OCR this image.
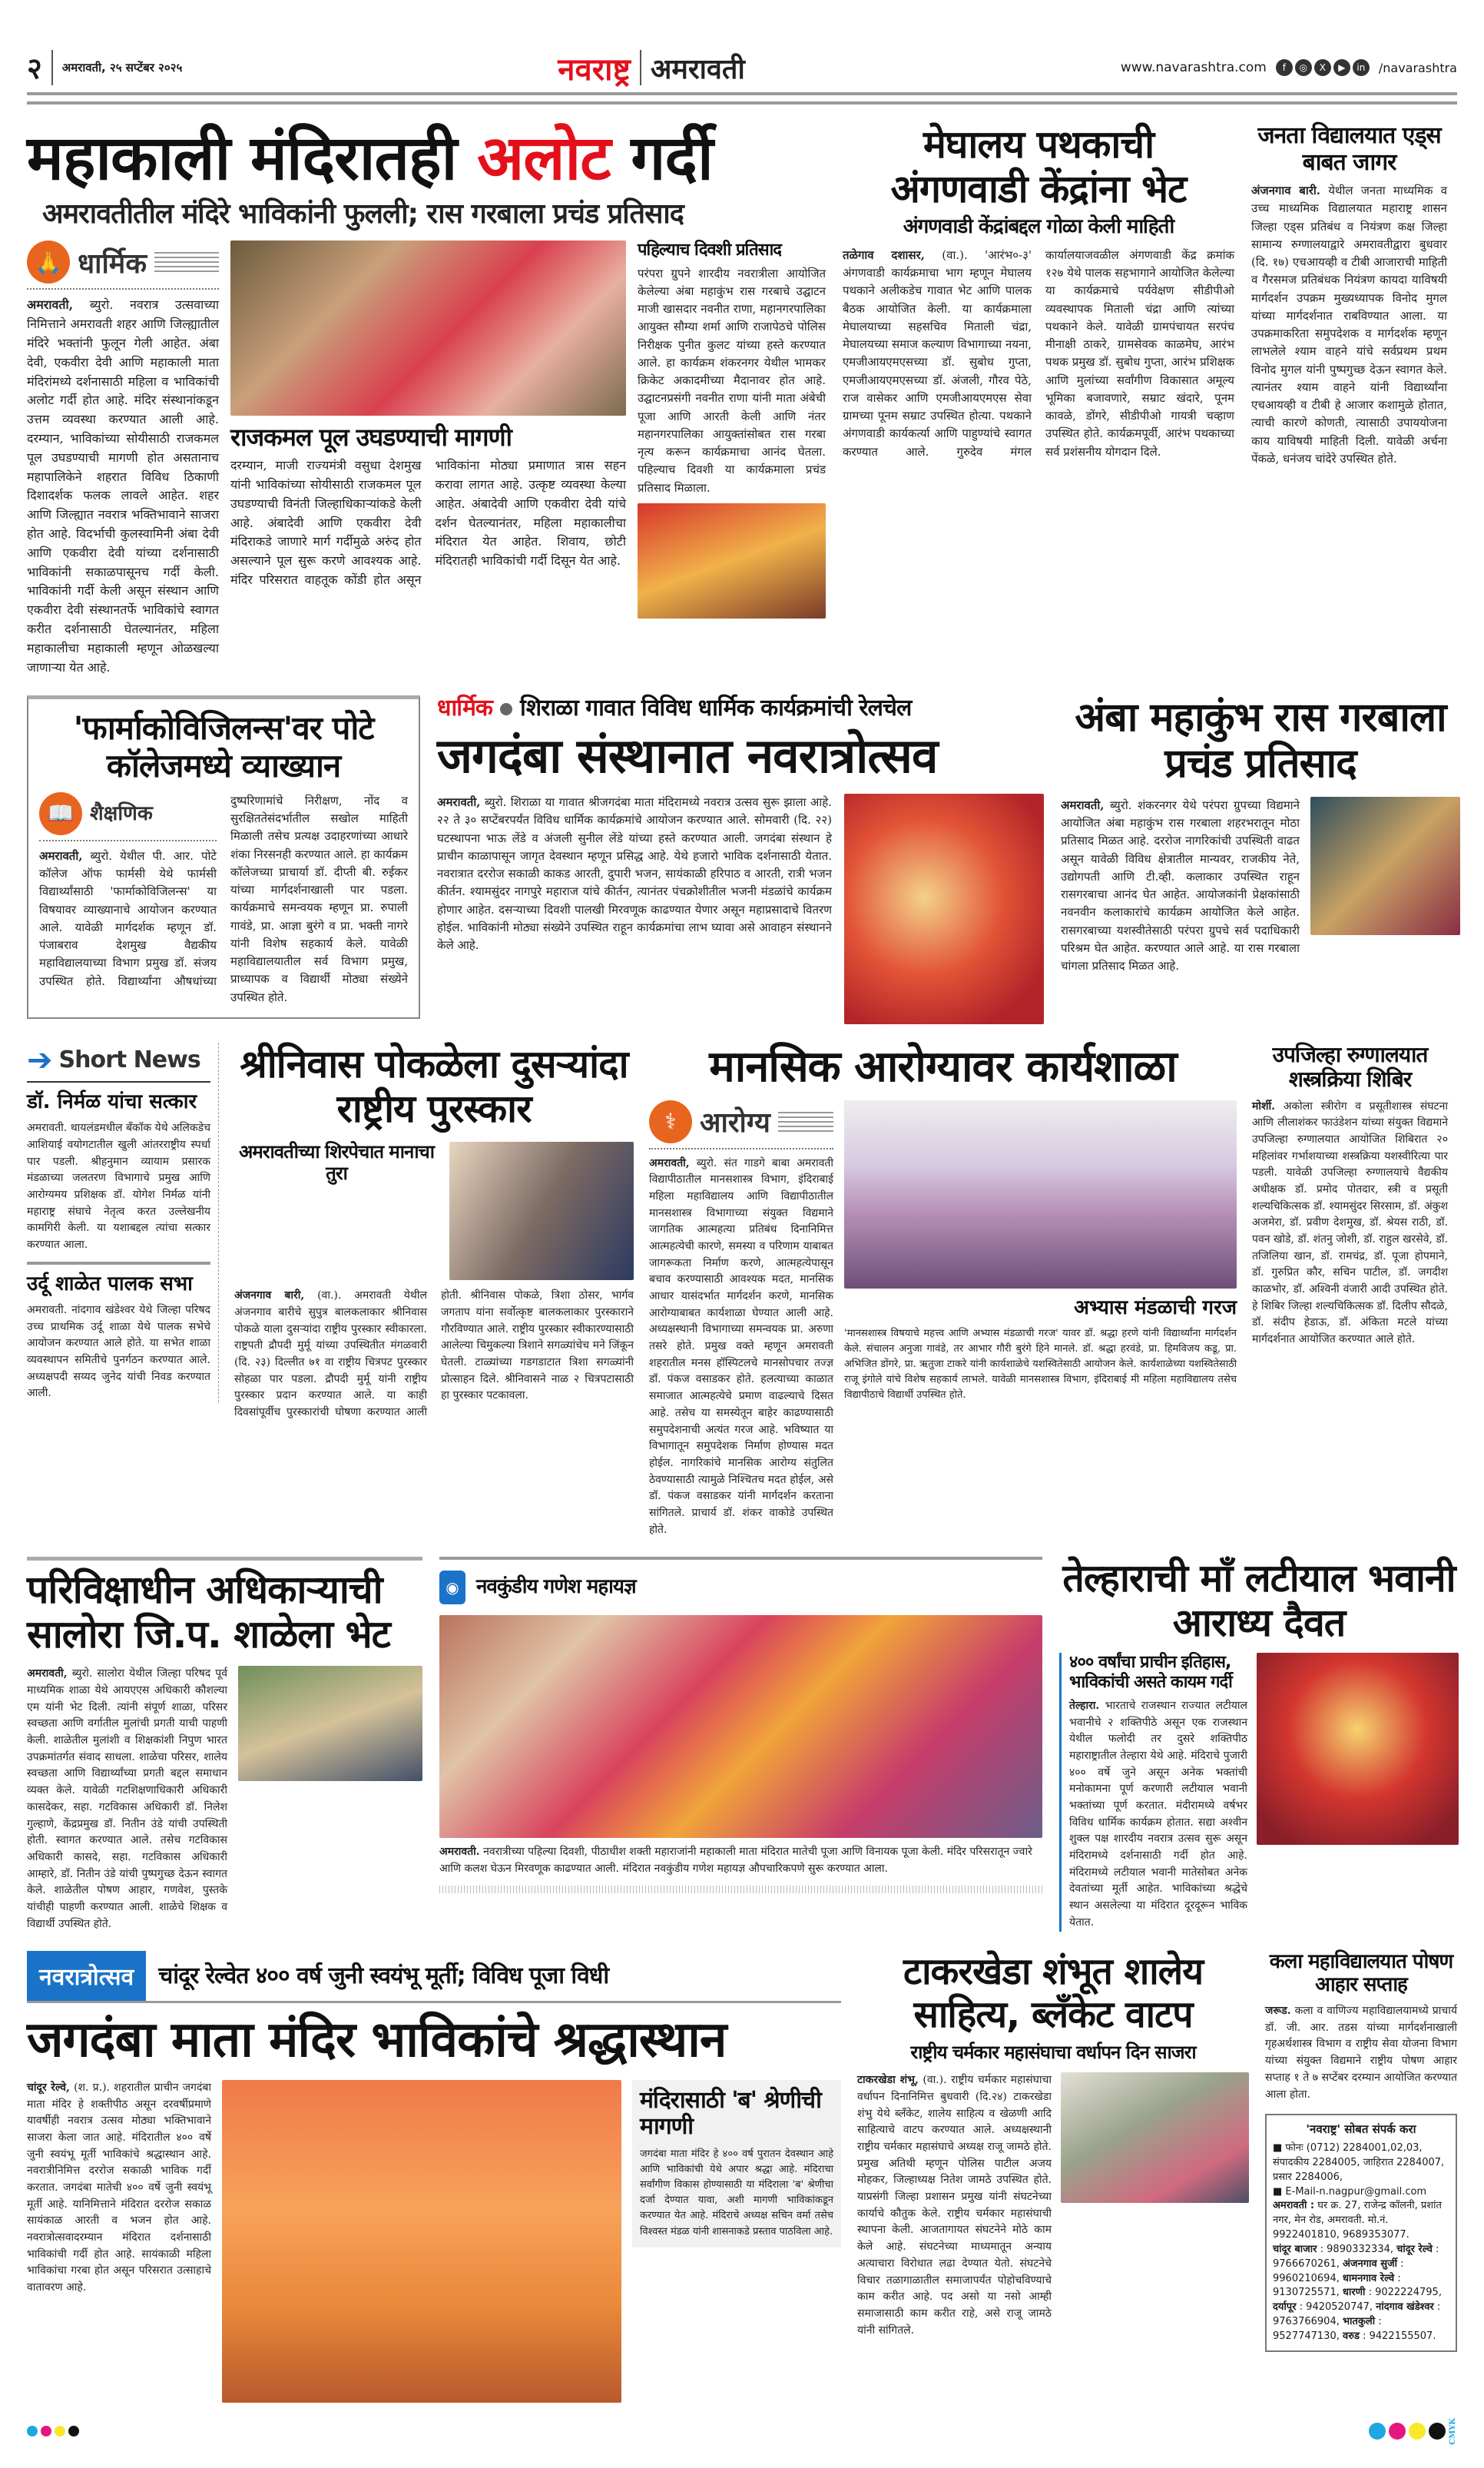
२ अमरावती, २५ सप्टेंबर २०२५	नवराष्ट्र अमरावती	www.navarashtra.com	f	◎	X	▶	in	/navarashtra
महाकाली मंदिरातही अलोट गर्दी
अमरावतीतील मंदिरे भाविकांनी फुलली; रास गरबाला प्रचंड प्रतिसाद
🙏 धार्मिक

अमरावती, ब्युरो. नवरात्र उत्सवाच्या निमित्ताने अमरावती शहर आणि जिल्ह्यातील मंदिरे भक्तांनी फुलून गेली आहेत. अंबा देवी, एकवीरा देवी आणि महाकाली माता मंदिरांमध्ये दर्शनासाठी महिला व भाविकांची अलोट गर्दी होत आहे. मंदिर संस्थानांकडून उत्तम व्यवस्था करण्यात आली आहे. दरम्यान, भाविकांच्या सोयीसाठी राजकमल पूल उघडण्याची मागणी होत असतानाच महापालिकेने शहरात विविध ठिकाणी दिशादर्शक फलक लावले आहेत. शहर आणि जिल्ह्यात नवरात्र भक्तिभावाने साजरा होत आहे. विदर्भाची कुलस्वामिनी अंबा देवी आणि एकवीरा देवी यांच्या दर्शनासाठी भाविकांनी सकाळपासूनच गर्दी केली. भाविकांनी गर्दी केली असून संस्थान आणि एकवीरा देवी संस्थानतर्फे भाविकांचे स्वागत करीत दर्शनासाठी घेतल्यानंतर, महिला महाकालीचा महाकाली म्हणून ओळखल्या जाणाऱ्या येत आहे.

राजकमल पूल उघडण्याची मागणी

दरम्यान, माजी राज्यमंत्री वसुधा देशमुख यांनी भाविकांच्या सोयीसाठी राजकमल पूल उघडण्याची विनंती जिल्हाधिकाऱ्यांकडे केली आहे. अंबादेवी आणि एकवीरा देवी मंदिराकडे जाणारे मार्ग गर्दीमुळे अरुंद होत असल्याने पूल सुरू करणे आवश्यक आहे. मंदिर परिसरात वाहतूक कोंडी होत असून भाविकांना मोठ्या प्रमाणात त्रास सहन करावा लागत आहे. उत्कृष्ट व्यवस्था केल्या आहेत. अंबादेवी आणि एकवीरा देवी यांचे दर्शन घेतल्यानंतर, महिला महाकालीचा मंदिरात येत आहेत. शिवाय, छोटी मंदिरातही भाविकांची गर्दी दिसून येत आहे.

पहिल्याच दिवशी प्रतिसाद

परंपरा ग्रुपने शारदीय नवरात्रीला आयोजित केलेल्या अंबा महाकुंभ रास गरबाचे उद्घाटन माजी खासदार नवनीत राणा, महानगरपालिका आयुक्त सौम्या शर्मा आणि राजापेठचे पोलिस निरीक्षक पुनीत कुलट यांच्या हस्ते करण्यात आले. हा कार्यक्रम शंकरनगर येथील भामकर क्रिकेट अकादमीच्या मैदानावर होत आहे. उद्घाटनप्रसंगी नवनीत राणा यांनी माता अंबेची पूजा आणि आरती केली आणि नंतर महानगरपालिका आयुक्तांसोबत रास गरबा नृत्य करून कार्यक्रमाचा आनंद घेतला. पहिल्याच दिवशी या कार्यक्रमाला प्रचंड प्रतिसाद मिळाला.

मेघालय पथकाची
अंगणवाडी केंद्रांना भेट
अंगणवाडी केंद्रांबद्दल गोळा केली माहिती

तळेगाव दशासर, (वा.). 'आरंभ०-३' अंगणवाडी कार्यक्रमाचा भाग म्हणून मेघालय पथकाने अलीकडेच गावात भेट आणि पालक बैठक आयोजित केली. या कार्यक्रमाला मेघालयाच्या सहसचिव मिताली चंद्रा, मेघालयच्या समाज कल्याण विभागाच्या नयना, एमजीआयएमएसच्या डॉ. सुबोध गुप्ता, एमजीआयएमएसच्या डॉ. अंजली, गौरव पेठे, राज वासेकर आणि एमजीआयएमएस सेवा ग्रामच्या पूनम सम्राट उपस्थित होत्या. पथकाने अंगणवाडी कार्यकर्त्या आणि पाहुण्यांचे स्वागत करण्यात आले. गुरुदेव मंगल कार्यालयाजवळील अंगणवाडी केंद्र क्रमांक १२७ येथे पालक सहभागाने आयोजित केलेल्या या कार्यक्रमाचे पर्यवेक्षण सीडीपीओ व्यवस्थापक मिताली चंद्रा आणि त्यांच्या पथकाने केले. यावेळी ग्रामपंचायत सरपंच मीनाक्षी ठाकरे, ग्रामसेवक काळमेघ, आरंभ पथक प्रमुख डॉ. सुबोध गुप्ता, आरंभ प्रशिक्षक आणि मुलांच्या सर्वांगीण विकासात अमूल्य भूमिका बजावणारे, सम्राट खंदारे, पूनम कावळे, डोंगरे, सीडीपीओ गायत्री चव्हाण उपस्थित होते. कार्यक्रमपूर्वी, आरंभ पथकाच्या सर्व प्रशंसनीय योगदान दिले.

जनता विद्यालयात एड्स बाबत जागर

अंजनगाव बारी. येथील जनता माध्यमिक व उच्च माध्यमिक विद्यालयात महाराष्ट्र शासन जिल्हा एड्स प्रतिबंध व नियंत्रण कक्ष जिल्हा सामान्य रुग्णालयाद्वारे अमरावतीद्वारा बुधवार (दि. १७) एचआयव्ही व टीबी आजाराची माहिती व गैरसमज प्रतिबंधक नियंत्रण कायदा याविषयी मार्गदर्शन उपक्रम मुख्यध्यापक विनोद मुगल यांच्या मार्गदर्शनात राबविण्यात आला. या उपक्रमाकरिता समुपदेशक व मार्गदर्शक म्हणून लाभलेले श्याम वाहने यांचे सर्वप्रथम प्रथम विनोद मुगल यांनी पुष्पगुच्छ देऊन स्वागत केले. त्यानंतर श्याम वाहने यांनी विद्यार्थ्यांना एचआयव्ही व टीबी हे आजार कशामुळे होतात, त्याची कारणे कोणती, त्यासाठी उपाययोजना काय याविषयी माहिती दिली. यावेळी अर्चना पेंकळे, धनंजय चांदेरे उपस्थित होते.

'फार्माकोविजिलन्स'वर पोटे कॉलेजमध्ये व्याख्यान
📖 शैक्षणिक
अमरावती, ब्युरो. येथील पी. आर. पोटे कॉलेज ऑफ फार्मसी येथे फार्मसी विद्यार्थ्यांसाठी 'फार्माकोविजिलन्स' या विषयावर व्याख्यानाचे आयोजन करण्यात आले. यावेळी मार्गदर्शक म्हणून डॉ. पंजाबराव देशमुख वैद्यकीय महाविद्यालयाच्या विभाग प्रमुख डॉ. संजय उपस्थित होते. विद्यार्थ्यांना औषधांच्या दुष्परिणामांचे निरीक्षण, नोंद व सुरक्षिततेसंदर्भातील सखोल माहिती मिळाली तसेच प्रत्यक्ष उदाहरणांच्या आधारे शंका निरसनही करण्यात आले. हा कार्यक्रम कॉलेजच्या प्राचार्या डॉ. दीप्ती बी. रुईकर यांच्या मार्गदर्शनाखाली पार पडला. कार्यक्रमाचे समन्वयक म्हणून प्रा. रुपाली गावंडे, प्रा. आज्ञा बुरंगे व प्रा. भक्ती नागरे यांनी विशेष सहकार्य केले. यावेळी महाविद्यालयातील सर्व विभाग प्रमुख, प्राध्यापक व विद्यार्थी मोठ्या संख्येने उपस्थित होते.
धार्मिक शिराळा गावात विविध धार्मिक कार्यक्रमांची रेलचेल
जगदंबा संस्थानात नवरात्रोत्सव

अमरावती, ब्युरो. शिराळा या गावात श्रीजगदंबा माता मंदिरामध्ये नवरात्र उत्सव सुरू झाला आहे. २२ ते ३० सप्टेंबरपर्यंत विविध धार्मिक कार्यक्रमांचे आयोजन करण्यात आले. सोमवारी (दि. २२) घटस्थापना भाऊ लेंडे व अंजली सुनील लेंडे यांच्या हस्ते करण्यात आली. जगदंबा संस्थान हे प्राचीन काळापासून जागृत देवस्थान म्हणून प्रसिद्ध आहे. येथे हजारो भाविक दर्शनासाठी येतात. नवरात्रात दररोज सकाळी काकड आरती, दुपारी भजन, सायंकाळी हरिपाठ व आरती, रात्री भजन कीर्तन. श्यामसुंदर नागपुरे महाराज यांचे कीर्तन, त्यानंतर पंचक्रोशीतील भजनी मंडळांचे कार्यक्रम होणार आहेत. दसऱ्याच्या दिवशी पालखी मिरवणूक काढण्यात येणार असून महाप्रसादाचे वितरण होईल. भाविकांनी मोठ्या संख्येने उपस्थित राहून कार्यक्रमांचा लाभ घ्यावा असे आवाहन संस्थानने केले आहे.

अंबा महाकुंभ रास गरबाला प्रचंड प्रतिसाद

अमरावती, ब्युरो. शंकरनगर येथे परंपरा ग्रुपच्या विद्यमाने आयोजित अंबा महाकुंभ रास गरबाला शहरभरातून मोठा प्रतिसाद मिळत आहे. दररोज नागरिकांची उपस्थिती वाढत असून यावेळी विविध क्षेत्रातील मान्यवर, राजकीय नेते, उद्योगपती आणि टी.व्ही. कलाकार उपस्थित राहून रासगरबाचा आनंद घेत आहेत. आयोजकांनी प्रेक्षकांसाठी नवनवीन कलाकारांचे कार्यक्रम आयोजित केले आहेत. रासगरबाच्या यशस्वीतेसाठी परंपरा ग्रुपचे सर्व पदाधिकारी परिश्रम घेत आहेत. करण्यात आले आहे. या रास गरबाला चांगला प्रतिसाद मिळत आहे.

➔ Short News
डॉ. निर्मळ यांचा सत्कार

अमरावती. थायलंडमधील बँकॉक येथे अलिकडेच आशियाई वयोगटातील खुली आंतरराष्ट्रीय स्पर्धा पार पडली. श्रीहनुमान व्यायाम प्रसारक मंडळाच्या जलतरण विभागाचे प्रमुख आणि आरोग्यमय प्रशिक्षक डॉ. योगेश निर्मळ यांनी महाराष्ट्र संघाचे नेतृत्व करत उल्लेखनीय कामगिरी केली. या यशाबद्दल त्यांचा सत्कार करण्यात आला.

उर्दू शाळेत पालक सभा

अमरावती. नांदगाव खंडेश्वर येथे जिल्हा परिषद उच्च प्राथमिक उर्दू शाळा येथे पालक सभेचे आयोजन करण्यात आले होते. या सभेत शाळा व्यवस्थापन समितीचे पुनर्गठन करण्यात आले. अध्यक्षपदी सय्यद जुनेद यांची निवड करण्यात आली.

श्रीनिवास पोकळेला दुसऱ्यांदा राष्ट्रीय पुरस्कार
अमरावतीच्या शिरपेचात मानाचा तुरा

अंजनगाव बारी, (वा.). अमरावती येथील अंजनगाव बारीचे सुपुत्र बालकलाकार श्रीनिवास पोकळे याला दुसऱ्यांदा राष्ट्रीय पुरस्कार स्वीकारला. राष्ट्रपती द्रौपदी मुर्मू यांच्या उपस्थितीत मंगळवारी (दि. २३) दिल्लीत ७१ वा राष्ट्रीय चित्रपट पुरस्कार सोहळा पार पडला. द्रौपदी मुर्मू यांनी राष्ट्रीय पुरस्कार प्रदान करण्यात आले. या काही दिवसांपूर्वीच पुरस्कारांची घोषणा करण्यात आली होती. श्रीनिवास पोकळे, त्रिशा ठोसर, भार्गव जगताप यांना सर्वोत्कृष्ट बालकलाकार पुरस्काराने गौरविण्यात आले. राष्ट्रीय पुरस्कार स्वीकारण्यासाठी आलेल्या चिमुकल्या त्रिशाने सगळ्यांचेच मने जिंकून घेतली. टाळ्यांच्या गडगडाटात त्रिशा सगळ्यांनी प्रोत्साहन दिले. श्रीनिवासने नाळ २ चित्रपटासाठी हा पुरस्कार पटकावला.

मानसिक आरोग्यावर कार्यशाळा
⚕ आरोग्य

अमरावती, ब्युरो. संत गाडगे बाबा अमरावती विद्यापीठातील मानसशास्त्र विभाग, इंदिराबाई महिला महाविद्यालय आणि विद्यापीठातील मानसशास्त्र विभागाच्या संयुक्त विद्यमाने जागतिक आत्महत्या प्रतिबंध दिनानिमित्त आत्महत्येची कारणे, समस्या व परिणाम याबाबत जागरूकता निर्माण करणे, आत्महत्येपासून बचाव करण्यासाठी आवश्यक मदत, मानसिक आधार यासंदर्भात मार्गदर्शन करणे, मानसिक आरोग्याबाबत कार्यशाळा घेण्यात आली आहे. अध्यक्षस्थानी विभागाच्या समन्वयक प्रा. अरुणा तसरे होते. प्रमुख वक्ते म्हणून अमरावती शहरातील मनस हॉस्पिटलचे मानसोपचार तज्ज्ञ डॉ. पंकज वसाडकर होते. हलत्याच्या काळात समाजात आत्महत्येचे प्रमाण वाढल्याचे दिसत आहे. तसेच या समस्येतून बाहेर काढण्यासाठी समुपदेशनाची अत्यंत गरज आहे. भविष्यात या विभागातून समुपदेशक निर्माण होण्यास मदत होईल. नागरिकांचे मानसिक आरोग्य संतुलित ठेवण्यासाठी त्यामुळे निश्चितच मदत होईल, असे डॉ. पंकज वसाडकर यांनी मार्गदर्शन करताना सांगितले. प्राचार्य डॉ. शंकर वाकोडे उपस्थित होते.

अभ्यास मंडळाची गरज

'मानसशास्त्र विषयाचे महत्त्व आणि अभ्यास मंडळाची गरज' यावर डॉ. श्रद्धा हरणे यांनी विद्यार्थ्यांना मार्गदर्शन केले. संचालन अनुजा गावंडे, तर आभार गौरी बुरंगे हिने मानले. डॉ. श्रद्धा हरवंडे, प्रा. हिमविजय कडू, प्रा. अभिजित डोंगरे, प्रा. ऋतुजा टाकरे यांनी कार्यशाळेचे यशस्वितेसाठी आयोजन केले. कार्यशाळेच्या यशस्वितेसाठी राजू इंगोले यांचे विशेष सहकार्य लाभले. यावेळी मानसशास्त्र विभाग, इंदिराबाई मी महिला महाविद्यालय तसेच विद्यापीठाचे विद्यार्थी उपस्थित होते.

उपजिल्हा रुग्णालयात शस्त्रक्रिया शिबिर

मोर्शी. अकोला स्त्रीरोग व प्रसूतीशास्त्र संघटना आणि लीलाशंकर फाउंडेशन यांच्या संयुक्त विद्यमाने उपजिल्हा रुग्णालयात आयोजित शिबिरात २० महिलांवर गर्भाशयाच्या शस्त्रक्रिया यशस्वीरित्या पार पडली. यावेळी उपजिल्हा रुग्णालयाचे वैद्यकीय अधीक्षक डॉ. प्रमोद पोतदार, स्त्री व प्रसूती शल्यचिकित्सक डॉ. श्यामसुंदर सिरसाम, डॉ. अंकुश अजमेरा, डॉ. प्रवीण देशमुख, डॉ. श्रेयस राठी, डॉ. पवन खोडे, डॉ. शंतनु जोशी, डॉ. राहुल खरसेवे, डॉ. तजिलिया खान, डॉ. रामचंद्र, डॉ. पूजा होपमाने, डॉ. गुरुप्रित कौर, सचिन पाटील, डॉ. जगदीश काळभोर, डॉ. अश्विनी वंजारी आदी उपस्थित होते. हे शिबिर जिल्हा शल्यचिकित्सक डॉ. दिलीप सौदळे, डॉ. संदीप हेडाऊ, डॉ. अंकिता मटले यांच्या मार्गदर्शनात आयोजित करण्यात आले होते.

परिविक्षाधीन अधिकाऱ्याची सालोरा जि.प. शाळेला भेट

अमरावती, ब्युरो. सालोरा येथील जिल्हा परिषद पूर्व माध्यमिक शाळा येथे आयएएस अधिकारी कौशल्या एम यांनी भेट दिली. त्यांनी संपूर्ण शाळा, परिसर स्वच्छता आणि वर्गातील मुलांची प्रगती याची पाहणी केली. शाळेतील मुलांशी व शिक्षकांशी निपुण भारत उपक्रमांतर्गत संवाद साधला. शाळेचा परिसर, शालेय स्वच्छता आणि विद्यार्थ्यांच्या प्रगती बद्दल समाधान व्यक्त केले. यावेळी गटशिक्षणाधिकारी अधिकारी कासदेकर, सहा. गटविकास अधिकारी डॉ. निलेश गुल्हाणे, केंद्रप्रमुख डॉ. नितीन उंडे यांची उपस्थिती होती. स्वागत करण्यात आले. तसेच गटविकास अधिकारी कासदे, सहा. गटविकास अधिकारी आम्हारे, डॉ. नितीन उंडे यांची पुष्पगुच्छ देऊन स्वागत केले. शाळेतील पोषण आहार, गणवेश, पुस्तके यांचीही पाहणी करण्यात आली. शाळेचे शिक्षक व विद्यार्थी उपस्थित होते.

◉ नवकुंडीय गणेश महायज्ञ

अमरावती. नवरात्रीच्या पहिल्या दिवशी, पीठाधीश शक्ती महाराजांनी महाकाली माता मंदिरात मातेची पूजा आणि विनायक पूजा केली. मंदिर परिसरातून ज्वारे आणि कलश घेऊन मिरवणूक काढण्यात आली. मंदिरात नवकुंडीय गणेश महायज्ञ औपचारिकपणे सुरू करण्यात आला.

तेल्हाराची माँ लटीयाल भवानी आराध्य दैवत
४०० वर्षांचा प्राचीन इतिहास, भाविकांची असते कायम गर्दी

तेल्हारा. भारताचे राजस्थान राज्यात लटीयाल भवानीचे २ शक्तिपीठे असून एक राजस्थान येथील फलोदी तर दुसरे शक्तिपीठ महाराष्ट्रातील तेल्हारा येथे आहे. मंदिराचे पुजारी ४०० वर्षे जुने असून अनेक भक्तांची मनोकामना पूर्ण करणारी लटीयाल भवानी भक्तांच्या पूर्ण करतात. मंदीरामध्ये वर्षभर विविध धार्मिक कार्यक्रम होतात. सद्या अश्वीन शुक्ल पक्ष शारदीय नवरात्र उत्सव सुरू असून मंदिरामध्ये दर्शनासाठी गर्दी होत आहे. मंदिरामध्ये लटीयाल भवानी मातेसोबत अनेक देवतांच्या मूर्ती आहेत. भाविकांच्या श्रद्धेचे स्थान असलेल्या या मंदिरात दूरदूरून भाविक येतात.

नवरात्रोत्सव	चांदूर रेल्वेत ४०० वर्ष जुनी स्वयंभू मूर्ती; विविध पूजा विधी
जगदंबा माता मंदिर भाविकांचे श्रद्धास्थान

चांदूर रेल्वे, (श. प्र.). शहरातील प्राचीन जगदंबा माता मंदिर हे शक्तीपीठ असून दरवर्षीप्रमाणे यावर्षीही नवरात्र उत्सव मोठ्या भक्तिभावाने साजरा केला जात आहे. मंदिरातील ४०० वर्षे जुनी स्वयंभू मूर्ती भाविकांचे श्रद्धास्थान आहे. नवरात्रीनिमित्त दररोज सकाळी भाविक गर्दी करतात. जगदंबा मातेची ४०० वर्षे जुनी स्वयंभू मूर्ती आहे. यानिमित्ताने मंदिरात दररोज सकाळ सायंकाळ आरती व भजन होत आहे. नवरात्रोत्सवादरम्यान मंदिरात दर्शनासाठी भाविकांची गर्दी होत आहे. सायंकाळी महिला भाविकांचा गरबा होत असून परिसरात उत्साहाचे वातावरण आहे.

मंदिरासाठी 'ब' श्रेणीची मागणी

जगदंबा माता मंदिर हे ४०० वर्ष पुरातन देवस्थान आहे आणि भाविकांची येथे अपार श्रद्धा आहे. मंदिराचा सर्वांगीण विकास होण्यासाठी या मंदिराला 'ब' श्रेणीचा दर्जा देण्यात यावा, अशी मागणी भाविकांकडून करण्यात येत आहे. मंदिराचे अध्यक्ष सचिन वर्मा तसेच विश्वस्त मंडळ यांनी शासनाकडे प्रस्ताव पाठविला आहे.

टाकरखेडा शंभूत शालेय साहित्य, ब्लँकेट वाटप
राष्ट्रीय चर्मकार महासंघाचा वर्धापन दिन साजरा

टाकरखेडा शंभू, (वा.). राष्ट्रीय चर्मकार महासंघाचा वर्धापन दिनानिमित्त बुधवारी (दि.२४) टाकरखेडा शंभु येथे ब्लँकेट, शालेय साहित्य व खेळणी आदि साहित्याचे वाटप करण्यात आले. अध्यक्षस्थानी राष्ट्रीय चर्मकार महासंघाचे अध्यक्ष राजू जामठे होते. प्रमुख अतिथी म्हणून पोलिस पाटील अजय मोहकर, जिल्हाध्यक्ष नितेश जामठे उपस्थित होते. याप्रसंगी जिल्हा प्रशासन प्रमुख यांनी संघटनेच्या कार्याचे कौतुक केले. राष्ट्रीय चर्मकार महासंघाची स्थापना केली. आजतागायत संघटनेने मोठे काम केले आहे. संघटनेच्या माध्यमातून अन्याय अत्याचारा विरोधात लढा देण्यात येतो. संघटनेचे विचार तळागाळातील समाजापर्यंत पोहोचविण्याचे काम करीत आहे. पद असो या नसो आम्ही समाजासाठी काम करीत राहे, असे राजू जामठे यांनी सांगितले.

कला महाविद्यालयात पोषण आहार सप्ताह

जरूड. कला व वाणिज्य महाविद्यालयामध्ये प्राचार्य डॉ. जी. आर. तडस यांच्या मार्गदर्शनाखाली गृहअर्थशास्त्र विभाग व राष्ट्रीय सेवा योजना विभाग यांच्या संयुक्त विद्यमाने राष्ट्रीय पोषण आहार सप्ताह १ ते ७ सप्टेंबर दरम्यान आयोजित करण्यात आला होता.

'नवराष्ट्र' सोबत संपर्क करा
■ फोनः (0712) 2284001,02,03, संपादकीय 2284005, जाहिरात 2284007, प्रसार 2284006,
■ E-Mail-n.nagpur@gmail.com
अमरावती : घर क्र. 27, राजेन्द्र कॉलनी, प्रशांत नगर, मेन रोड, अमरावती. मो.नं. 9922401810, 9689353077.
चांदूर बाजार : 9890332334, चांदूर रेल्वे : 9766670261, अंजनगाव सुर्जी : 9960210694, धामनगाव रेल्वे : 9130725571, धारणी : 9022224795, दर्यापूर : 9420520747, नांदगाव खंडेश्वर : 9763766904, भातकुली : 9527747130, वरुड : 9422155507.
CMYK
